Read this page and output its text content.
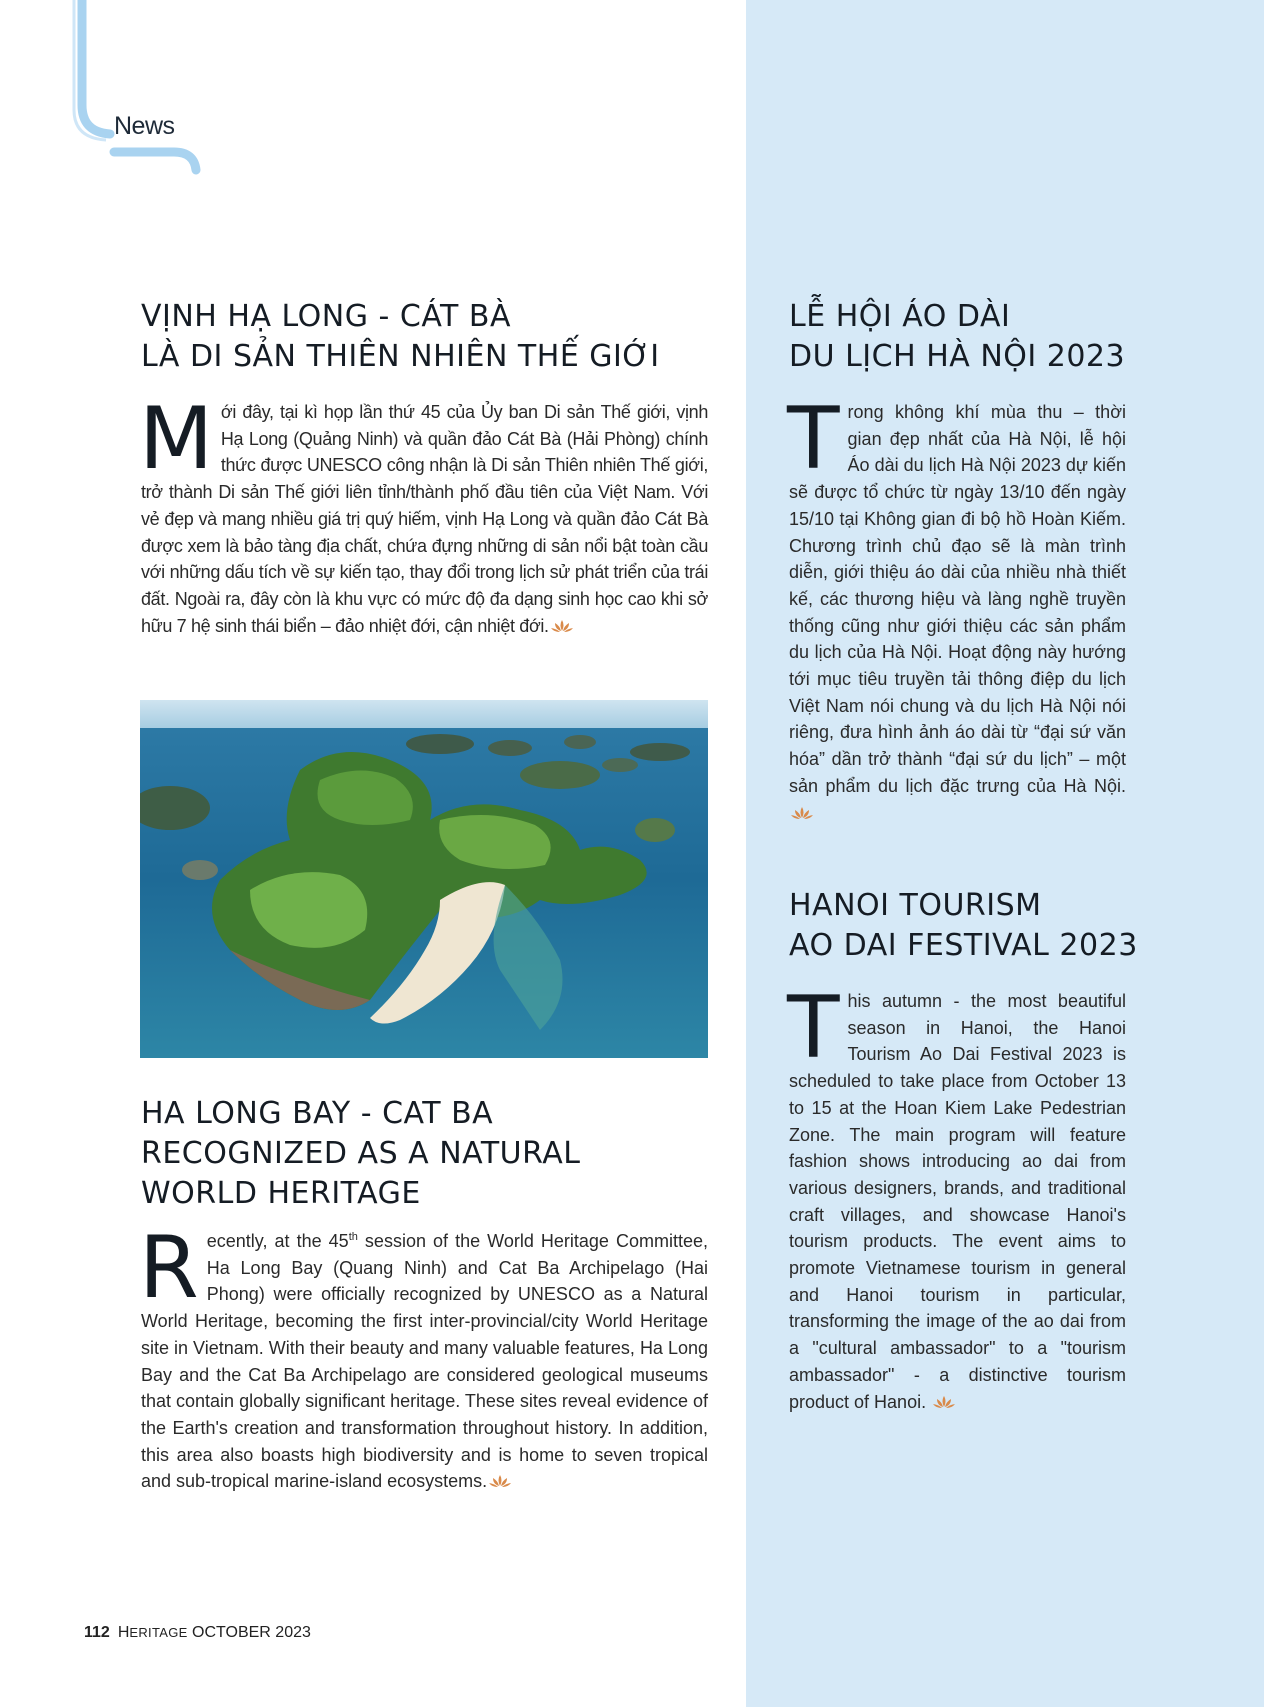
News
VỊNH HẠ LONG - CÁT BÀ
LÀ DI SẢN THIÊN NHIÊN THẾ GIỚI

Mới đây, tại kì họp lần thứ 45 của Ủy ban Di sản Thế giới, vịnh Hạ Long (Quảng Ninh) và quần đảo Cát Bà (Hải Phòng) chính thức được UNESCO công nhận là Di sản Thiên nhiên Thế giới, trở thành Di sản Thế giới liên tỉnh/thành phố đầu tiên của Việt Nam. Với vẻ đẹp và mang nhiều giá trị quý hiếm, vịnh Hạ Long và quần đảo Cát Bà được xem là bảo tàng địa chất, chứa đựng những di sản nổi bật toàn cầu với những dấu tích về sự kiến tạo, thay đổi trong lịch sử phát triển của trái đất. Ngoài ra, đây còn là khu vực có mức độ đa dạng sinh học cao khi sở hữu 7 hệ sinh thái biển – đảo nhiệt đới, cận nhiệt đới.

HA LONG BAY - CAT BA
RECOGNIZED AS A NATURAL
WORLD HERITAGE

Recently, at the 45th session of the World Heritage Committee, Ha Long Bay (Quang Ninh) and Cat Ba Archipelago (Hai Phong) were officially recognized by UNESCO as a Natural World Heritage, becoming the first inter-provincial/city World Heritage site in Vietnam. With their beauty and many valuable features, Ha Long Bay and the Cat Ba Archipelago are considered geological museums that contain globally significant heritage. These sites reveal evidence of the Earth's creation and transformation throughout history. In addition, this area also boasts high biodiversity and is home to seven tropical and sub-tropical marine-island ecosystems.

LỄ HỘI ÁO DÀI
DU LỊCH HÀ NỘI 2023

Trong không khí mùa thu – thời gian đẹp nhất của Hà Nội, lễ hội Áo dài du lịch Hà Nội 2023 dự kiến sẽ được tổ chức từ ngày 13/10 đến ngày 15/10 tại Không gian đi bộ hồ Hoàn Kiếm. Chương trình chủ đạo sẽ là màn trình diễn, giới thiệu áo dài của nhiều nhà thiết kế, các thương hiệu và làng nghề truyền thống cũng như giới thiệu các sản phẩm du lịch của Hà Nội. Hoạt động này hướng tới mục tiêu truyền tải thông điệp du lịch Việt Nam nói chung và du lịch Hà Nội nói riêng, đưa hình ảnh áo dài từ “đại sứ văn hóa” dần trở thành “đại sứ du lịch” – một sản phẩm du lịch đặc trưng của Hà Nội.

HANOI TOURISM
AO DAI FESTIVAL 2023

This autumn - the most beautiful season in Hanoi, the Hanoi Tourism Ao Dai Festival 2023 is scheduled to take place from October 13 to 15 at the Hoan Kiem Lake Pedestrian Zone. The main program will feature fashion shows introducing ao dai from various designers, brands, and traditional craft villages, and showcase Hanoi's tourism products. The event aims to promote Vietnamese tourism in general and Hanoi tourism in particular, transforming the image of the ao dai from a "cultural ambassador" to a "tourism ambassador" - a distinctive tourism product of Hanoi.

112 HERITAGE OCTOBER 2023
